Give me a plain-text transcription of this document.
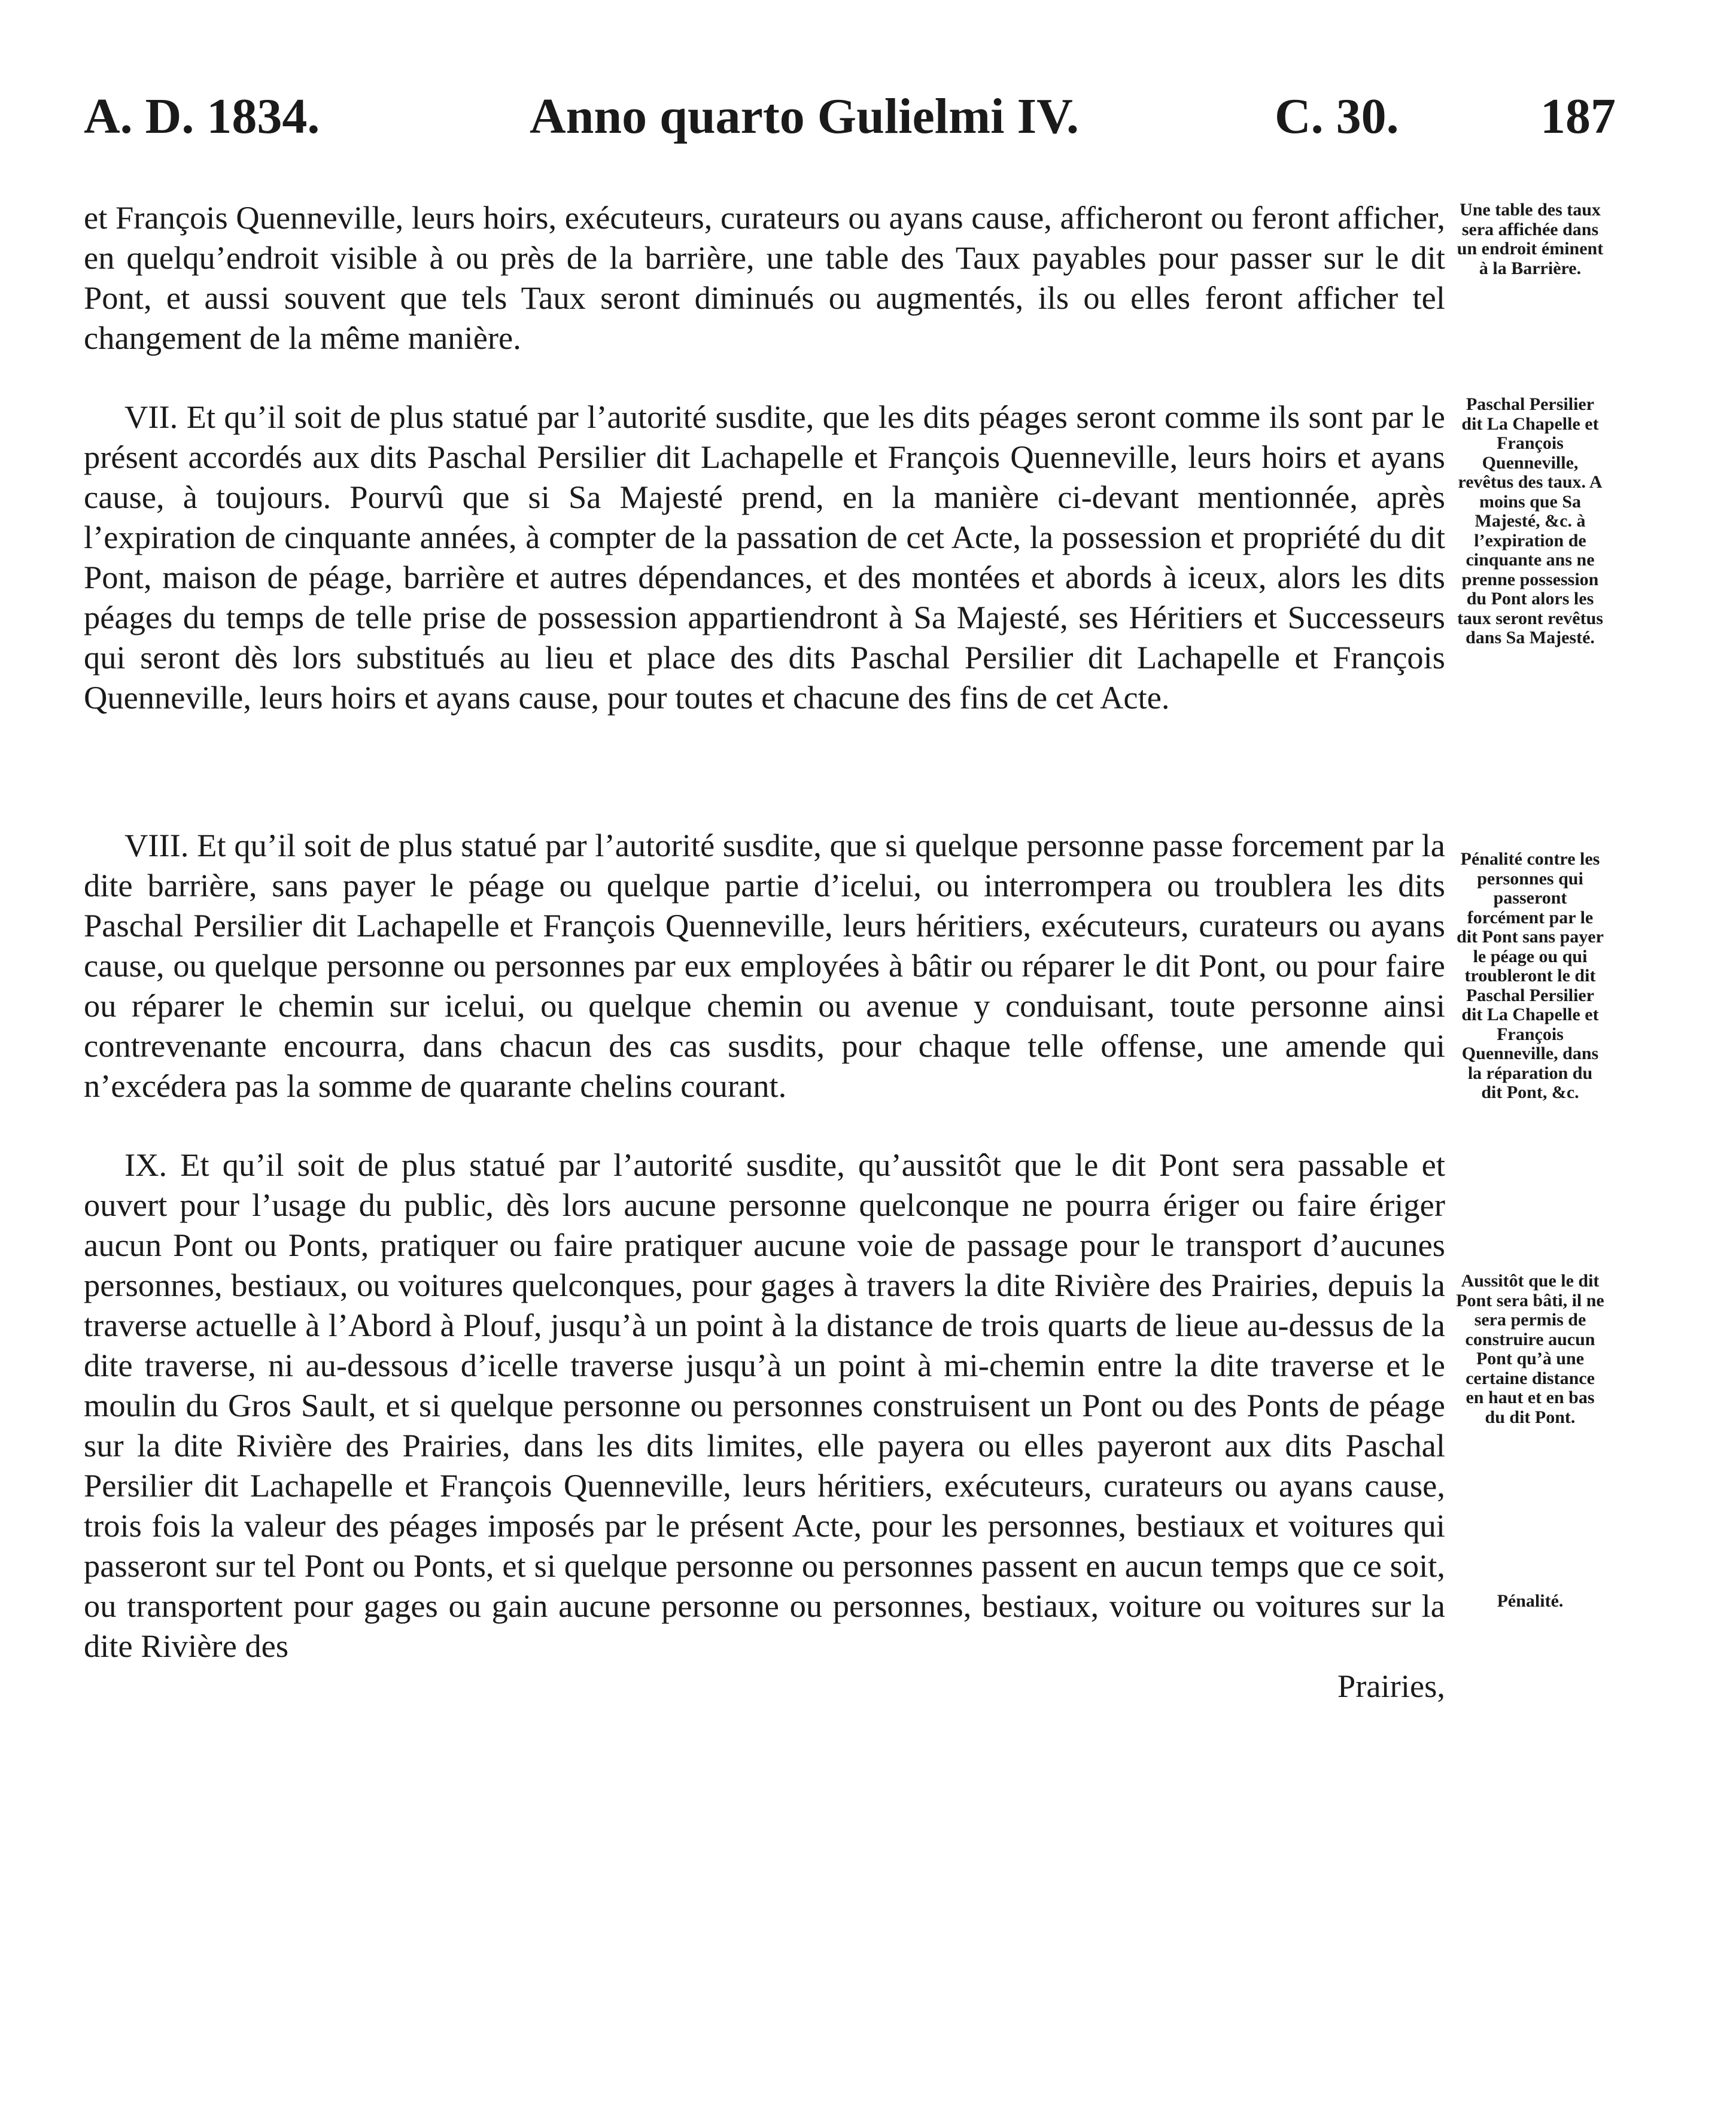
A. D. 1834.	Anno quarto Gulielmi IV.	C. 30.	187

et François Quenneville, leurs hoirs, exécuteurs, curateurs ou ayans cause, afficheront ou feront afficher, en quelqu’endroit visible à ou près de la barrière, une table des Taux payables pour passer sur le dit Pont, et aussi souvent que tels Taux seront diminués ou augmentés, ils ou elles feront afficher tel changement de la même manière.

VII. Et qu’il soit de plus statué par l’autorité susdite, que les dits péages seront comme ils sont par le présent accordés aux dits Paschal Persilier dit Lachapelle et François Quenneville, leurs hoirs et ayans cause, à toujours. Pourvû que si Sa Majesté prend, en la manière ci-devant mentionnée, après l’expiration de cinquante années, à compter de la passation de cet Acte, la possession et propriété du dit Pont, maison de péage, barrière et autres dépendances, et des montées et abords à iceux, alors les dits péages du temps de telle prise de possession appartiendront à Sa Majesté, ses Héritiers et Successeurs qui seront dès lors substitués au lieu et place des dits Paschal Persilier dit Lachapelle et François Quenneville, leurs hoirs et ayans cause, pour toutes et chacune des fins de cet Acte.

VIII. Et qu’il soit de plus statué par l’autorité susdite, que si quelque personne passe forcement par la dite barrière, sans payer le péage ou quelque partie d’icelui, ou interrompera ou troublera les dits Paschal Persilier dit Lachapelle et François Quenneville, leurs héritiers, exécuteurs, curateurs ou ayans cause, ou quelque personne ou personnes par eux employées à bâtir ou réparer le dit Pont, ou pour faire ou réparer le chemin sur icelui, ou quelque chemin ou avenue y conduisant, toute personne ainsi contrevenante encourra, dans chacun des cas susdits, pour chaque telle offense, une amende qui n’excédera pas la somme de quarante chelins courant.

IX. Et qu’il soit de plus statué par l’autorité susdite, qu’aussitôt que le dit Pont sera passable et ouvert pour l’usage du public, dès lors aucune personne quelconque ne pourra ériger ou faire ériger aucun Pont ou Ponts, pratiquer ou faire pratiquer aucune voie de passage pour le transport d’aucunes personnes, bestiaux, ou voitures quelconques, pour gages à travers la dite Rivière des Prairies, depuis la traverse actuelle à l’Abord à Plouf, jusqu’à un point à la distance de trois quarts de lieue au-dessus de la dite traverse, ni au-dessous d’icelle traverse jusqu’à un point à mi-chemin entre la dite traverse et le moulin du Gros Sault, et si quelque personne ou personnes construisent un Pont ou des Ponts de péage sur la dite Rivière des Prairies, dans les dits limites, elle payera ou elles payeront aux dits Paschal Persilier dit Lachapelle et François Quenneville, leurs héritiers, exécuteurs, curateurs ou ayans cause, trois fois la valeur des péages imposés par le présent Acte, pour les personnes, bestiaux et voitures qui passeront sur tel Pont ou Ponts, et si quelque personne ou personnes passent en aucun temps que ce soit, ou transportent pour gages ou gain aucune personne ou personnes, bestiaux, voiture ou voitures sur la dite Rivière des

Prairies,

Une table des taux sera affichée dans un endroit éminent à la Barrière.
Paschal Persilier dit La Chapelle et François Quenneville, revêtus des taux. A moins que Sa Majesté, &c. à l’expiration de cinquante ans ne prenne possession du Pont alors les taux seront revêtus dans Sa Majesté.
Pénalité contre les personnes qui passeront forcément par le dit Pont sans payer le péage ou qui troubleront le dit Paschal Persilier dit La Chapelle et François Quenneville, dans la réparation du dit Pont, &c.
Aussitôt que le dit Pont sera bâti, il ne sera permis de construire aucun Pont qu’à une certaine distance en haut et en bas du dit Pont.
Pénalité.
